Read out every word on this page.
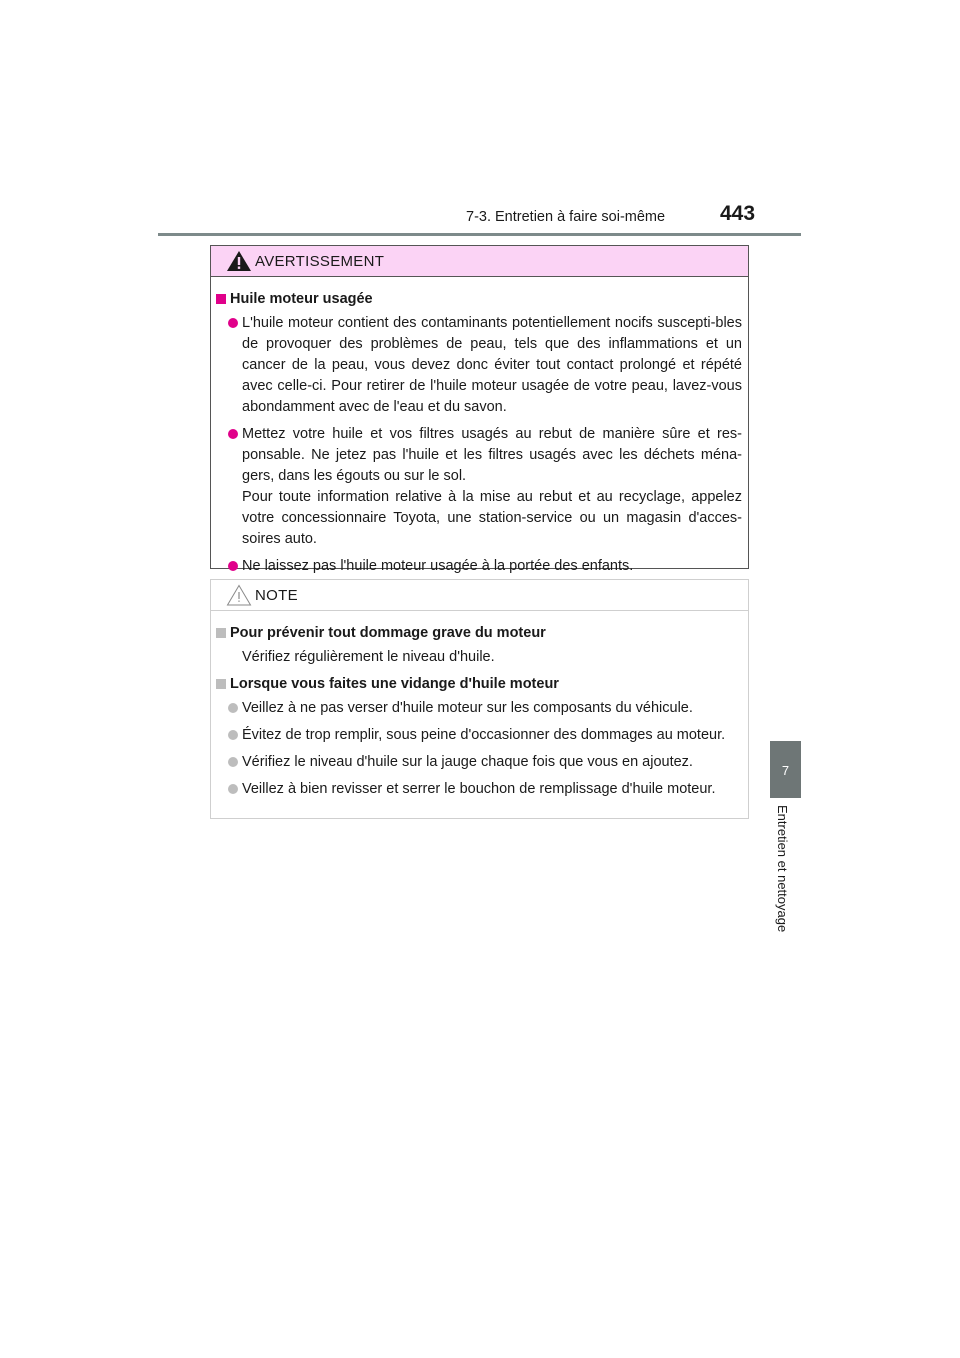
7-3. Entretien à faire soi-même	443
7
Entretien et nettoyage
AVERTISSEMENT
Huile moteur usagée

L'huile moteur contient des contaminants potentiellement nocifs suscepti-bles de provoquer des problèmes de peau, tels que des inflammations et un cancer de la peau, vous devez donc éviter tout contact prolongé et répété avec celle-ci. Pour retirer de l'huile moteur usagée de votre peau, lavez-vous abondamment avec de l'eau et du savon.

Mettez votre huile et vos filtres usagés au rebut de manière sûre et res-ponsable. Ne jetez pas l'huile et les filtres usagés avec les déchets ména-gers, dans les égouts ou sur le sol.

Pour toute information relative à la mise au rebut et au recyclage, appelez votre concessionnaire Toyota, une station-service ou un magasin d'acces-soires auto.

Ne laissez pas l'huile moteur usagée à la portée des enfants.

NOTE
Pour prévenir tout dommage grave du moteur
Vérifiez régulièrement le niveau d'huile.
Lorsque vous faites une vidange d'huile moteur

Veillez à ne pas verser d'huile moteur sur les composants du véhicule.

Évitez de trop remplir, sous peine d'occasionner des dommages au moteur.

Vérifiez le niveau d'huile sur la jauge chaque fois que vous en ajoutez.

Veillez à bien revisser et serrer le bouchon de remplissage d'huile moteur.
